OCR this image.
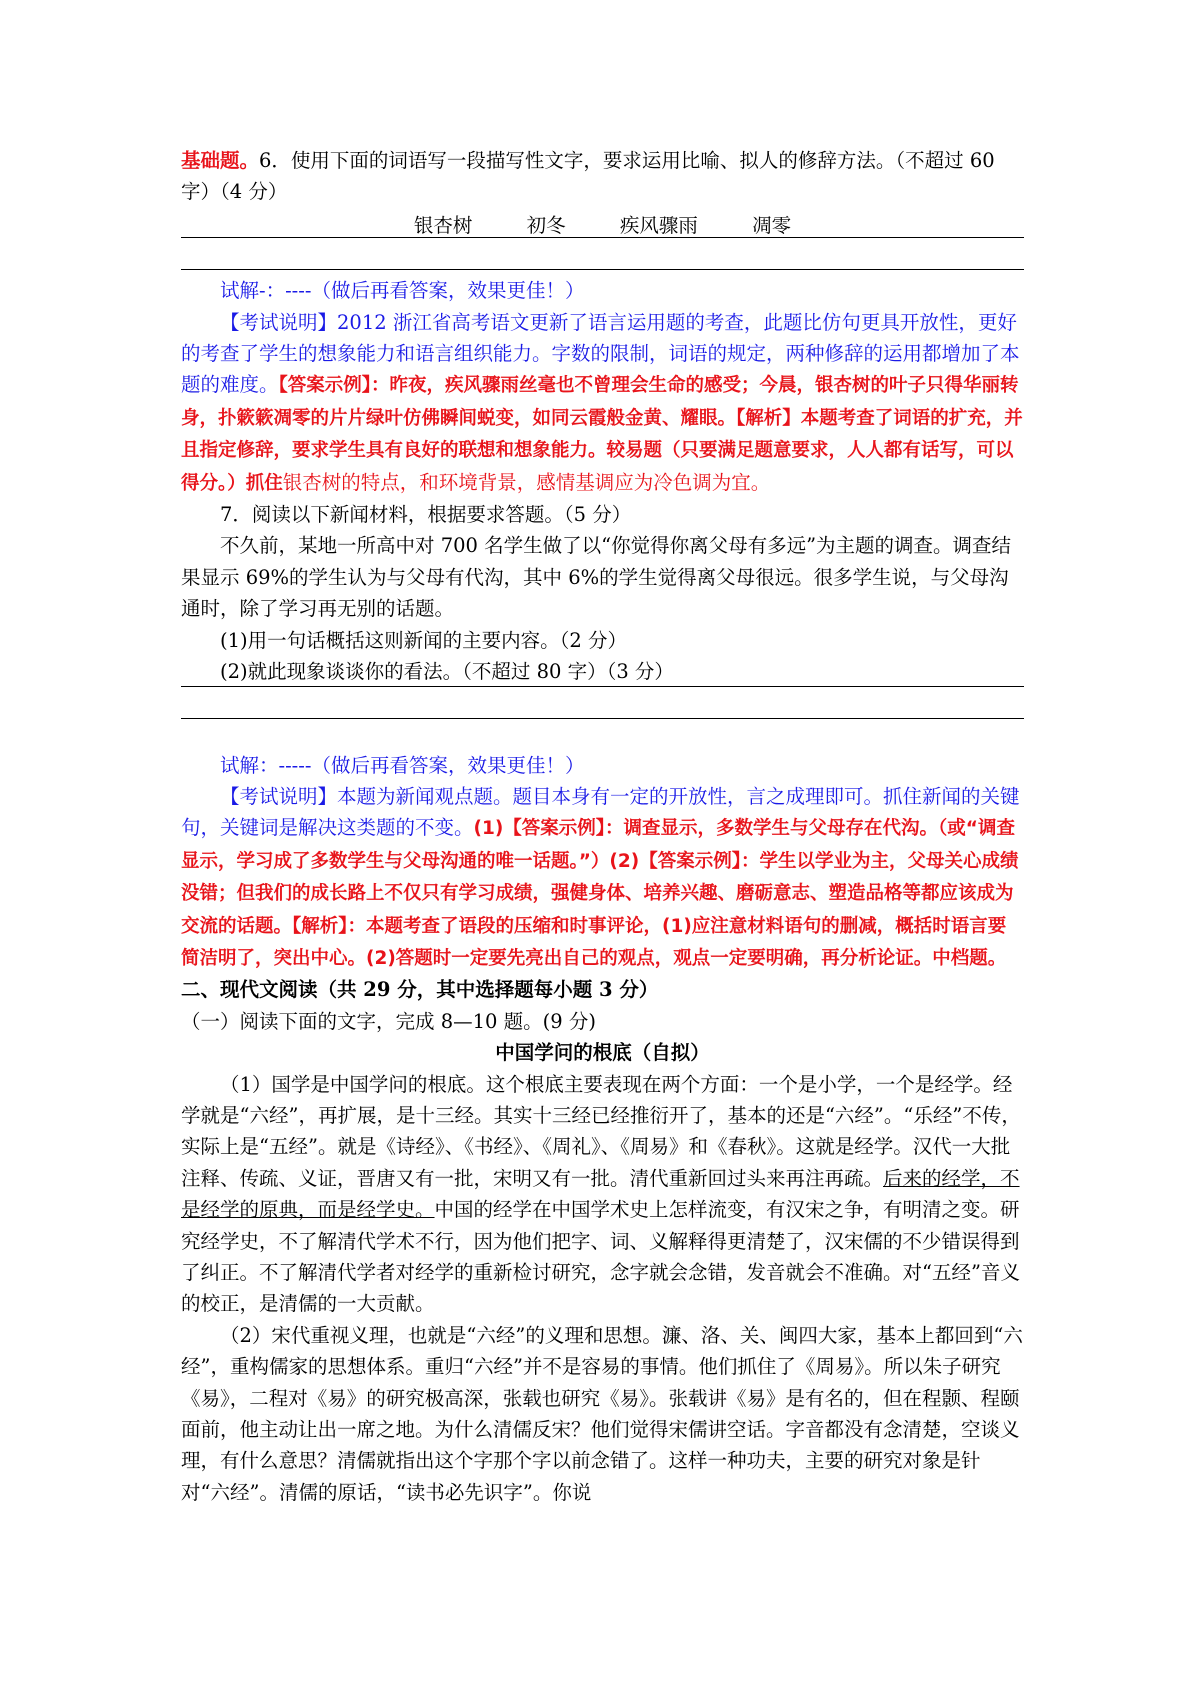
基础题。6．使用下面的词语写一段描写性文字，要求运用比喻、拟人的修辞方法。（不超过 60 字）（4 分）

银杏树	初冬	疾风骤雨	凋零

试解-：----（做后再看答案，效果更佳！）

【考试说明】2012 浙江省高考语文更新了语言运用题的考查，此题比仿句更具开放性，更好的考查了学生的想象能力和语言组织能力。字数的限制，词语的规定，两种修辞的运用都增加了本题的难度。【答案示例】：昨夜，疾风骤雨丝毫也不曾理会生命的感受；今晨，银杏树的叶子只得华丽转身，扑簌簌凋零的片片绿叶仿佛瞬间蜕变，如同云霞般金黄、耀眼。【解析】本题考查了词语的扩充，并且指定修辞，要求学生具有良好的联想和想象能力。较易题（只要满足题意要求，人人都有话写，可以得分。）抓住银杏树的特点，和环境背景，感情基调应为冷色调为宜。

7．阅读以下新闻材料，根据要求答题。（5 分）

不久前，某地一所高中对 700 名学生做了以“你觉得你离父母有多远”为主题的调查。调查结果显示 69%的学生认为与父母有代沟，其中 6%的学生觉得离父母很远。很多学生说，与父母沟通时，除了学习再无别的话题。

(1)用一句话概括这则新闻的主要内容。（2 分）

(2)就此现象谈谈你的看法。（不超过 80 字）（3 分）

试解：-----（做后再看答案，效果更佳！）

【考试说明】本题为新闻观点题。题目本身有一定的开放性，言之成理即可。抓住新闻的关键句，关键词是解决这类题的不变。(1)【答案示例】：调查显示，多数学生与父母存在代沟。（或“调查显示，学习成了多数学生与父母沟通的唯一话题。”）(2)【答案示例】：学生以学业为主，父母关心成绩没错；但我们的成长路上不仅只有学习成绩，强健身体、培养兴趣、磨砺意志、塑造品格等都应该成为交流的话题。【解析】：本题考查了语段的压缩和时事评论，(1)应注意材料语句的删减，概括时语言要简洁明了，突出中心。(2)答题时一定要先亮出自己的观点，观点一定要明确，再分析论证。中档题。

二、现代文阅读（共 29 分，其中选择题每小题 3 分）

（一）阅读下面的文字，完成 8—10 题。(9 分)

中国学问的根底（自拟）

（1）国学是中国学问的根底。这个根底主要表现在两个方面：一个是小学，一个是经学。经学就是“六经”，再扩展，是十三经。其实十三经已经推衍开了，基本的还是“六经”。“乐经”不传，实际上是“五经”。就是《诗经》、《书经》、《周礼》、《周易》和《春秋》。这就是经学。汉代一大批注释、传疏、义证，晋唐又有一批，宋明又有一批。清代重新回过头来再注再疏。后来的经学，不是经学的原典，而是经学史。中国的经学在中国学术史上怎样流变，有汉宋之争，有明清之变。研究经学史，不了解清代学术不行，因为他们把字、词、义解释得更清楚了，汉宋儒的不少错误得到了纠正。不了解清代学者对经学的重新检讨研究，念字就会念错，发音就会不准确。对“五经”音义的校正，是清儒的一大贡献。

（2）宋代重视义理，也就是“六经”的义理和思想。濂、洛、关、闽四大家，基本上都回到“六经”，重构儒家的思想体系。重归“六经”并不是容易的事情。他们抓住了《周易》。所以朱子研究《易》，二程对《易》的研究极高深，张载也研究《易》。张载讲《易》是有名的，但在程颢、程颐面前，他主动让出一席之地。为什么清儒反宋？他们觉得宋儒讲空话。字音都没有念清楚，空谈义理，有什么意思？清儒就指出这个字那个字以前念错了。这样一种功夫，主要的研究对象是针对“六经”。清儒的原话，“读书必先识字”。你说
